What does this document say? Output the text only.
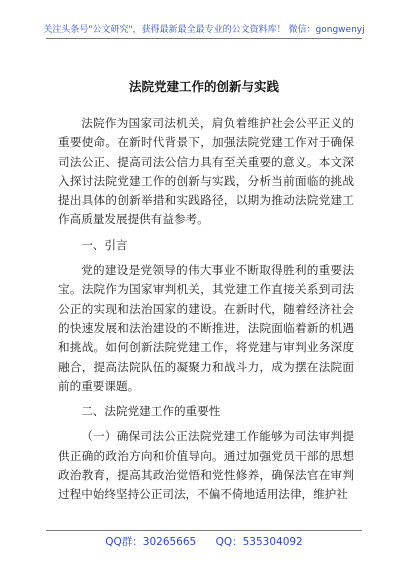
关注头条号"公文研究"，获得最新最全最专业的公文资料库！ 微信：gongwenyj
法院党建工作的创新与实践

法院作为国家司法机关，肩负着维护社会公平正义的重要使命。在新时代背景下，加强法院党建工作对于确保司法公正、提高司法公信力具有至关重要的意义。本文深入探讨法院党建工作的创新与实践，分析当前面临的挑战提出具体的创新举措和实践路径，以期为推动法院党建工作高质量发展提供有益参考。

一、引言

党的建设是党领导的伟大事业不断取得胜利的重要法宝。法院作为国家审判机关，其党建工作直接关系到司法公正的实现和法治国家的建设。在新时代，随着经济社会的快速发展和法治建设的不断推进，法院面临着新的机遇和挑战。如何创新法院党建工作，将党建与审判业务深度融合，提高法院队伍的凝聚力和战斗力，成为摆在法院面前的重要课题。

二、法院党建工作的重要性

（一）确保司法公正法院党建工作能够为司法审判提供正确的政治方向和价值导向。通过加强党员干部的思想政治教育，提高其政治觉悟和党性修养，确保法官在审判过程中始终坚持公正司法，不偏不倚地适用法律，维护社

QQ群：30265665 QQ：535304092
